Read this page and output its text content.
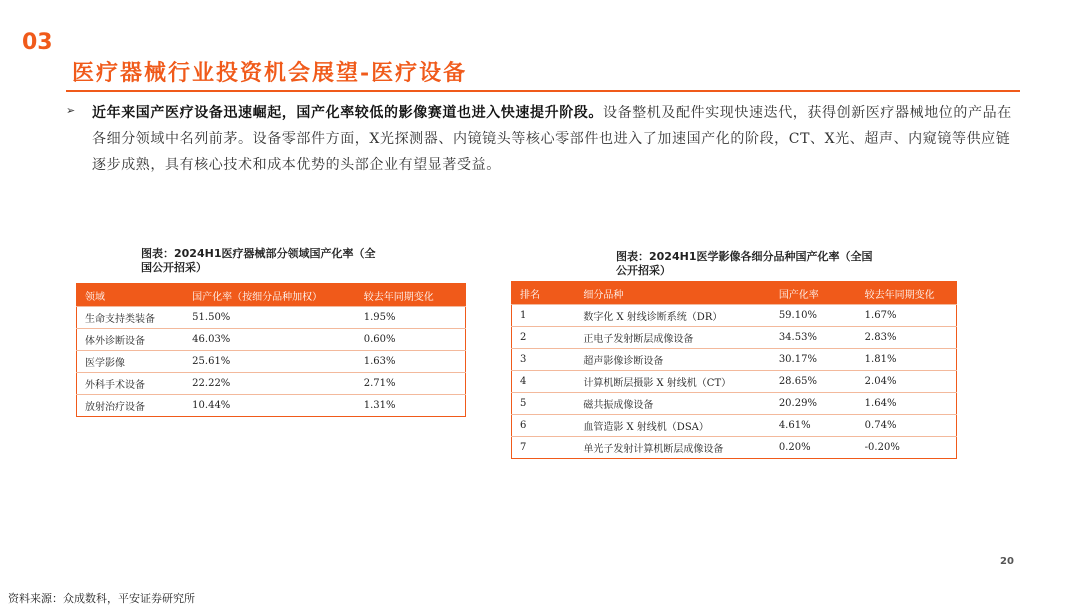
03
医疗器械行业投资机会展望-医疗设备
➢ 近年来国产医疗设备迅速崛起，国产化率较低的影像赛道也进入快速提升阶段。设备整机及配件实现快速迭代，获得创新医疗器械地位的产品在各细分领域中名列前茅。设备零部件方面，X光探测器、内镜镜头等核心零部件也进入了加速国产化的阶段，CT、X光、超声、内窥镜等供应链逐步成熟，具有核心技术和成本优势的头部企业有望显著受益。
图表：2024H1医疗器械部分领域国产化率（全
国公开招采）
领域	国产化率（按细分品种加权）	较去年同期变化
生命支持类装备	51.50%	1.95%
体外诊断设备	46.03%	0.60%
医学影像	25.61%	1.63%
外科手术设备	22.22%	2.71%
放射治疗设备	10.44%	1.31%
图表：2024H1医学影像各细分品种国产化率（全国
公开招采）
排名	细分品种	国产化率	较去年同期变化
1	数字化 X 射线诊断系统（DR）	59.10%	1.67%
2	正电子发射断层成像设备	34.53%	2.83%
3	超声影像诊断设备	30.17%	1.81%
4	计算机断层摄影 X 射线机（CT）	28.65%	2.04%
5	磁共振成像设备	20.29%	1.64%
6	血管造影 X 射线机（DSA）	4.61%	0.74%
7	单光子发射计算机断层成像设备	0.20%	-0.20%
20
资料来源：众成数科，平安证券研究所
